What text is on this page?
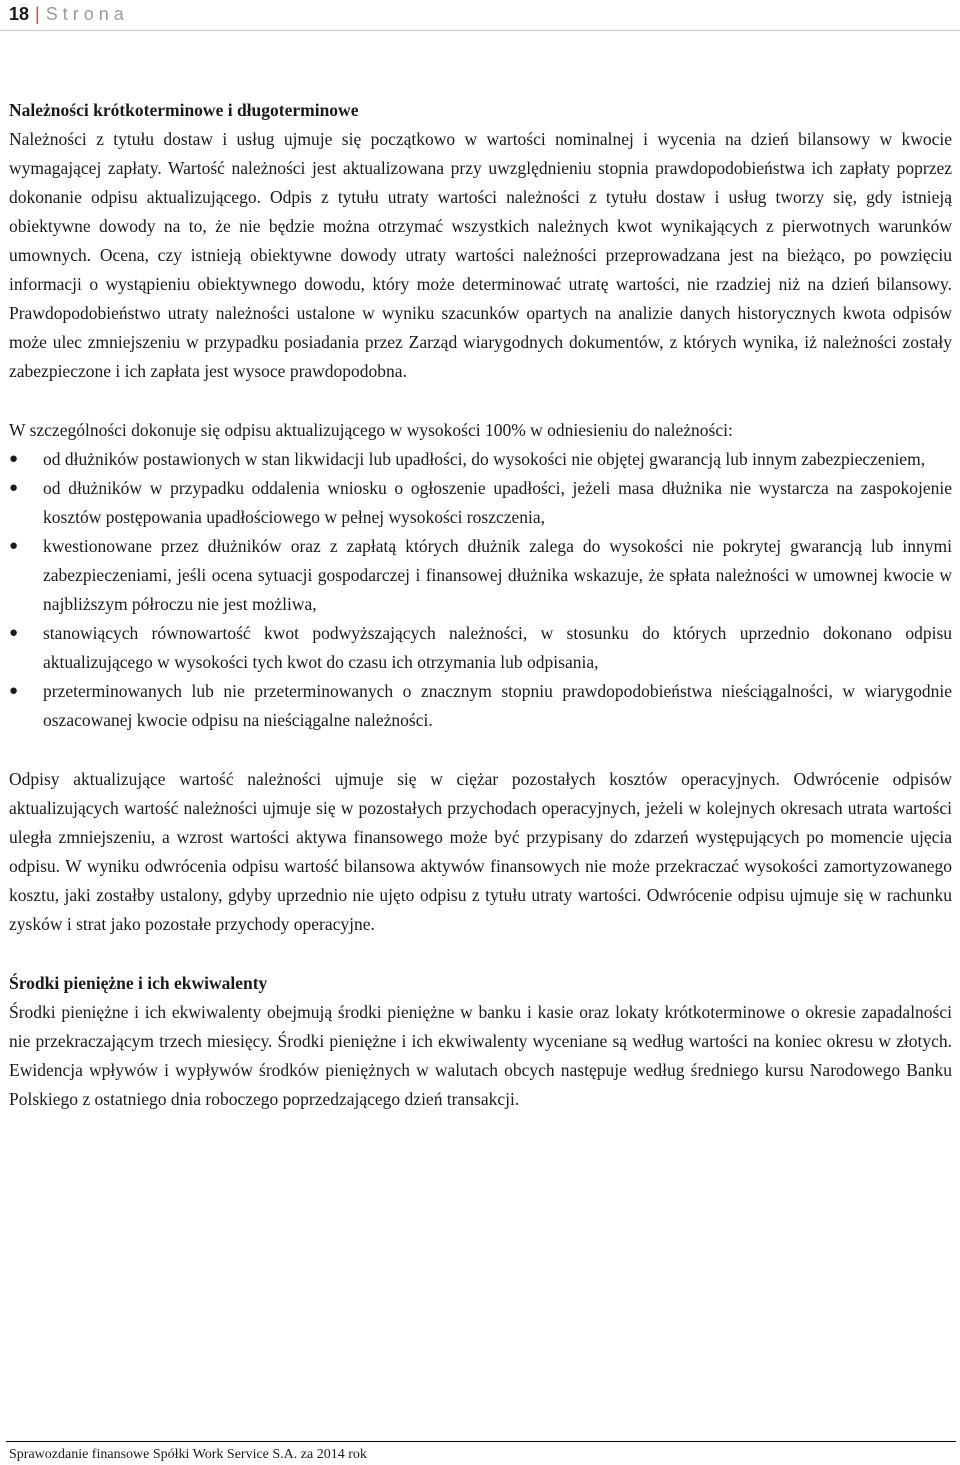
18 | Strona

Należności krótkoterminowe i długoterminowe

Należności z tytułu dostaw i usług ujmuje się początkowo w wartości nominalnej i wycenia na dzień bilansowy w kwocie wymagającej zapłaty. Wartość należności jest aktualizowana przy uwzględnieniu stopnia prawdopodobieństwa ich zapłaty poprzez dokonanie odpisu aktualizującego. Odpis z tytułu utraty wartości należności z tytułu dostaw i usług tworzy się, gdy istnieją obiektywne dowody na to, że nie będzie można otrzymać wszystkich należnych kwot wynikających z pierwotnych warunków umownych. Ocena, czy istnieją obiektywne dowody utraty wartości należności przeprowadzana jest na bieżąco, po powzięciu informacji o wystąpieniu obiektywnego dowodu, który może determinować utratę wartości, nie rzadziej niż na dzień bilansowy. Prawdopodobieństwo utraty należności ustalone w wyniku szacunków opartych na analizie danych historycznych kwota odpisów może ulec zmniejszeniu w przypadku posiadania przez Zarząd wiarygodnych dokumentów, z których wynika, iż należności zostały zabezpieczone i ich zapłata jest wysoce prawdopodobna.

W szczególności dokonuje się odpisu aktualizującego w wysokości 100% w odniesieniu do należności:

● od dłużników postawionych w stan likwidacji lub upadłości, do wysokości nie objętej gwarancją lub innym zabezpieczeniem,
● od dłużników w przypadku oddalenia wniosku o ogłoszenie upadłości, jeżeli masa dłużnika nie wystarcza na zaspokojenie kosztów postępowania upadłościowego w pełnej wysokości roszczenia,
● kwestionowane przez dłużników oraz z zapłatą których dłużnik zalega do wysokości nie pokrytej gwarancją lub innymi zabezpieczeniami, jeśli ocena sytuacji gospodarczej i finansowej dłużnika wskazuje, że spłata należności w umownej kwocie w najbliższym półroczu nie jest możliwa,
● stanowiących równowartość kwot podwyższających należności, w stosunku do których uprzednio dokonano odpisu aktualizującego w wysokości tych kwot do czasu ich otrzymania lub odpisania,
● przeterminowanych lub nie przeterminowanych o znacznym stopniu prawdopodobieństwa nieściągalności, w wiarygodnie oszacowanej kwocie odpisu na nieściągalne należności.

Odpisy aktualizujące wartość należności ujmuje się w ciężar pozostałych kosztów operacyjnych. Odwrócenie odpisów aktualizujących wartość należności ujmuje się w pozostałych przychodach operacyjnych, jeżeli w kolejnych okresach utrata wartości uległa zmniejszeniu, a wzrost wartości aktywa finansowego może być przypisany do zdarzeń występujących po momencie ujęcia odpisu. W wyniku odwrócenia odpisu wartość bilansowa aktywów finansowych nie może przekraczać wysokości zamortyzowanego kosztu, jaki zostałby ustalony, gdyby uprzednio nie ujęto odpisu z tytułu utraty wartości. Odwrócenie odpisu ujmuje się w rachunku zysków i strat jako pozostałe przychody operacyjne.

Środki pieniężne i ich ekwiwalenty

Środki pieniężne i ich ekwiwalenty obejmują środki pieniężne w banku i kasie oraz lokaty krótkoterminowe o okresie zapadalności nie przekraczającym trzech miesięcy. Środki pieniężne i ich ekwiwalenty wyceniane są według wartości na koniec okresu w złotych. Ewidencja wpływów i wypływów środków pieniężnych w walutach obcych następuje według średniego kursu Narodowego Banku Polskiego z ostatniego dnia roboczego poprzedzającego dzień transakcji.

Sprawozdanie finansowe Spółki Work Service S.A. za 2014 rok
